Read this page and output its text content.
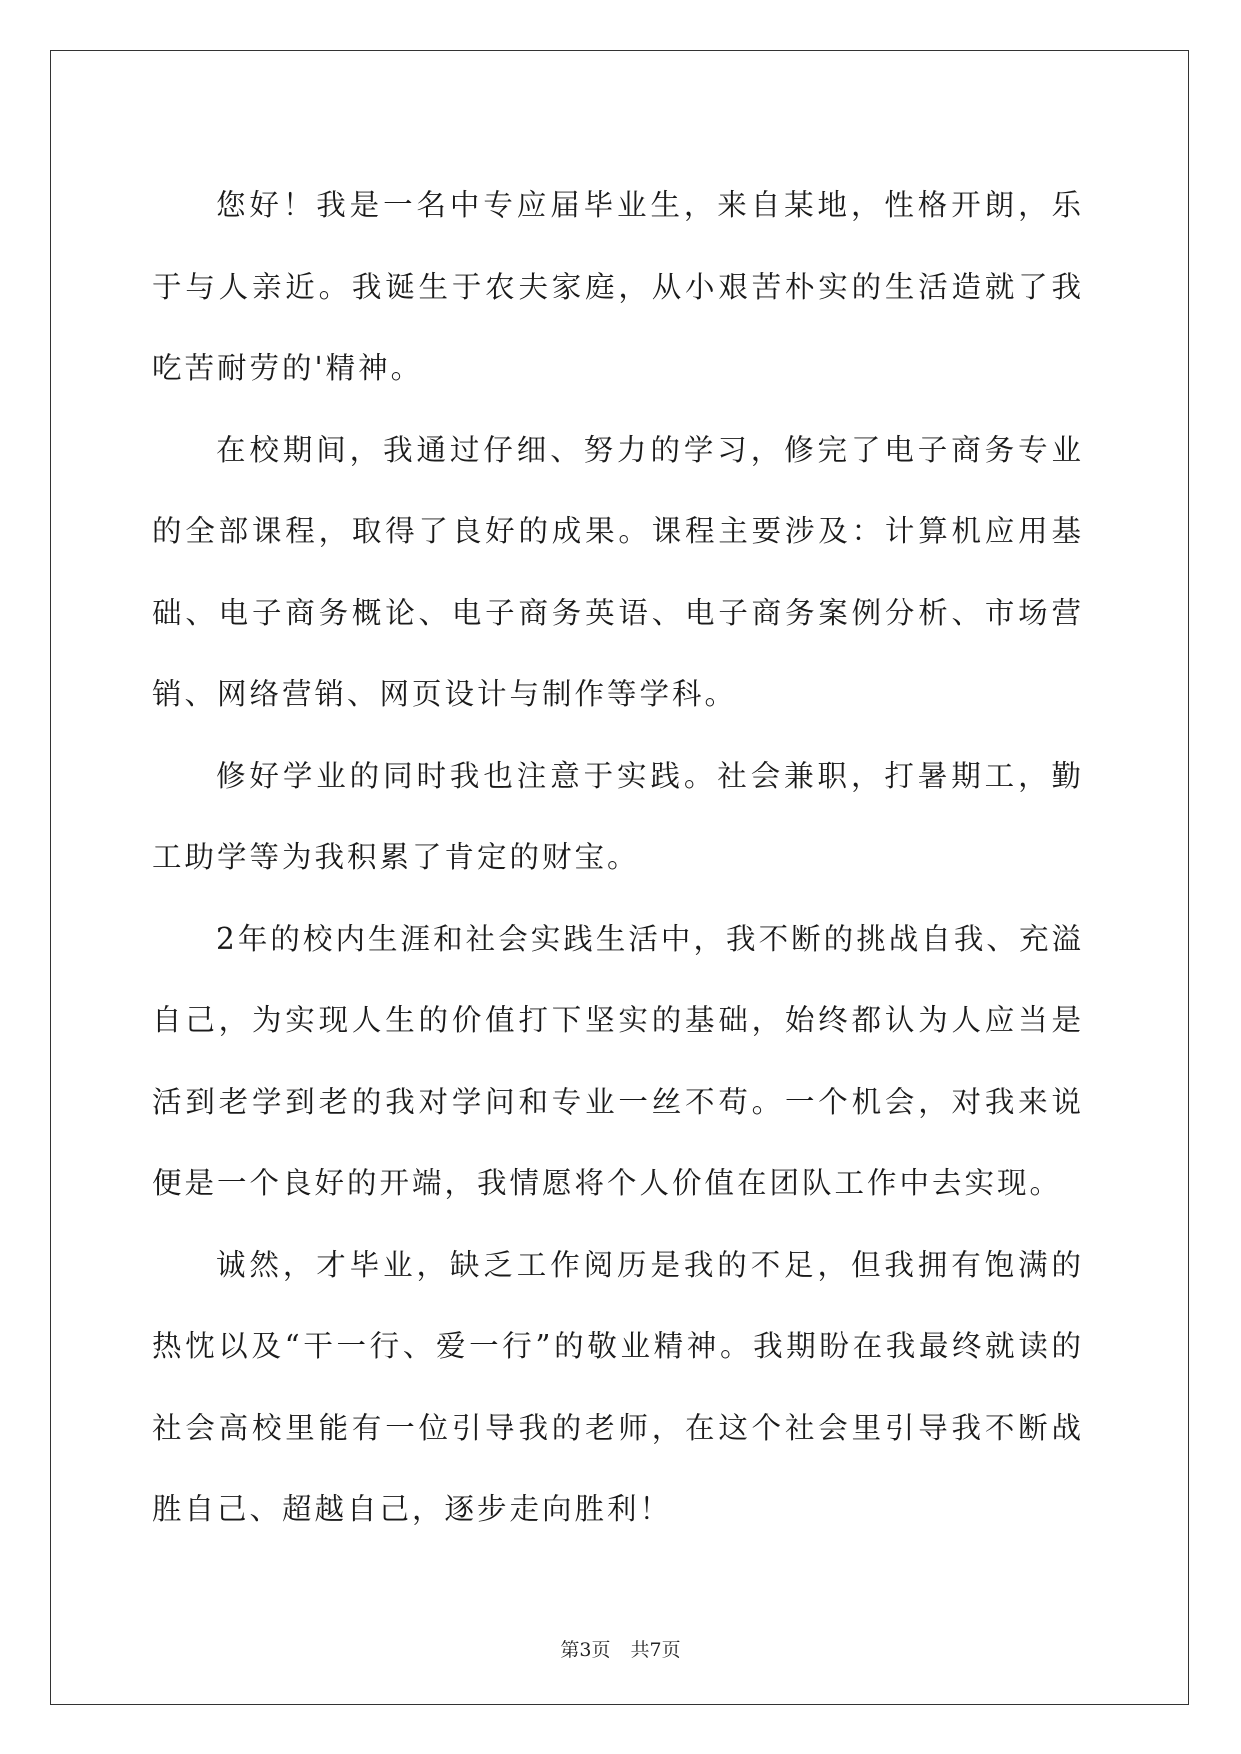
您好！我是一名中专应届毕业生，来自某地，性格开朗，乐于与人亲近。我诞生于农夫家庭，从小艰苦朴实的生活造就了我吃苦耐劳的'精神。

在校期间，我通过仔细、努力的学习，修完了电子商务专业的全部课程，取得了良好的成果。课程主要涉及：计算机应用基础、电子商务概论、电子商务英语、电子商务案例分析、市场营销、网络营销、网页设计与制作等学科。

修好学业的同时我也注意于实践。社会兼职，打暑期工，勤工助学等为我积累了肯定的财宝。

2年的校内生涯和社会实践生活中，我不断的挑战自我、充溢自己，为实现人生的价值打下坚实的基础，始终都认为人应当是活到老学到老的我对学问和专业一丝不苟。一个机会，对我来说便是一个良好的开端，我情愿将个人价值在团队工作中去实现。

诚然，才毕业，缺乏工作阅历是我的不足，但我拥有饱满的热忱以及“干一行、爱一行”的敬业精神。我期盼在我最终就读的社会高校里能有一位引导我的老师，在这个社会里引导我不断战胜自己、超越自己，逐步走向胜利！

第3页 共7页
